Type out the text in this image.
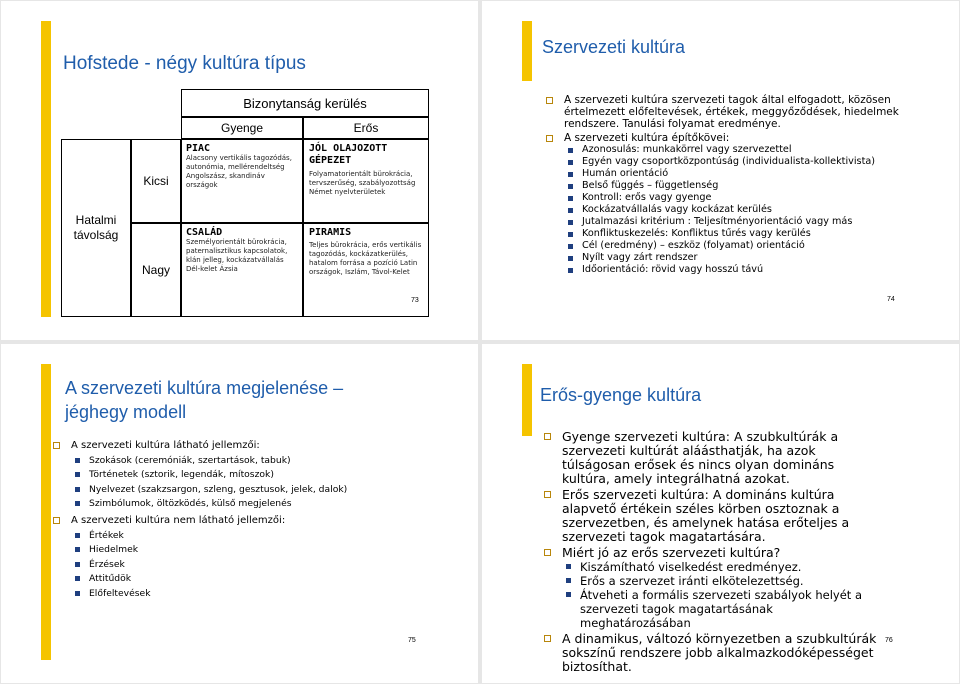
Hofstede - négy kultúra típus
Bizonytanság kerülés
Gyenge	Erős
Hatalmi távolság
Kicsi
Nagy
PIAC
Alacsony vertikális tagozódás, autonómia, mellérendeltség Angolszász, skandináv országok
JÓL OLAJOZOTT GÉPEZET
Folyamatorientált bürokrácia, tervszerűség, szabályozottság Német nyelvterületek
CSALÁD
Személyorientált bürokrácia, paternalisztikus kapcsolatok, klán jelleg, kockázatvállalás Dél-kelet Ázsia
PIRAMIS
Teljes bürokrácia, erős vertikális tagozódás, kockázatkerülés, hatalom forrása a pozíció Latin országok, Iszlám, Távol-Kelet
73
Szervezeti kultúra
A szervezeti kultúra szervezeti tagok által elfogadott, közösen értelmezett előfeltevések, értékek, meggyőződések, hiedelmek rendszere. Tanulási folyamat eredménye.
A szervezeti kultúra építőkövei:
Azonosulás: munkakörrel vagy szervezettel
Egyén vagy csoportközpontúság (individualista-kollektivista)
Humán orientáció
Belső függés – függetlenség
Kontroll: erős vagy gyenge
Kockázatvállalás vagy kockázat kerülés
Jutalmazási kritérium : Teljesítményorientáció vagy más
Konfliktuskezelés: Konfliktus tűrés vagy kerülés
Cél (eredmény) – eszköz (folyamat) orientáció
Nyílt vagy zárt rendszer
Időorientáció: rövid vagy hosszú távú
74
A szervezeti kultúra megjelenése – jéghegy modell
A szervezeti kultúra látható jellemzői:
Szokások (ceremóniák, szertartások, tabuk)
Történetek (sztorik, legendák, mítoszok)
Nyelvezet (szakzsargon, szleng, gesztusok, jelek, dalok)
Szimbólumok, öltözködés, külső megjelenés
A szervezeti kultúra nem látható jellemzői:
Értékek
Hiedelmek
Érzések
Attitűdök
Előfeltevések
75
Erős-gyenge kultúra
Gyenge szervezeti kultúra: A szubkultúrák a szervezeti kultúrát aláásthatják, ha azok túlságosan erősek és nincs olyan domináns kultúra, amely integrálhatná azokat.
Erős szervezeti kultúra: A domináns kultúra alapvető értékein széles körben osztoznak a szervezetben, és amelynek hatása erőteljes a szervezeti tagok magatartására.
Miért jó az erős szervezeti kultúra?
Kiszámítható viselkedést eredményez.
Erős a szervezet iránti elkötelezettség.
Átveheti a formális szervezeti szabályok helyét a szervezeti tagok magatartásának meghatározásában
A dinamikus, változó környezetben a szubkultúrák sokszínű rendszere jobb alkalmazkodóképességet biztosíthat.
76
